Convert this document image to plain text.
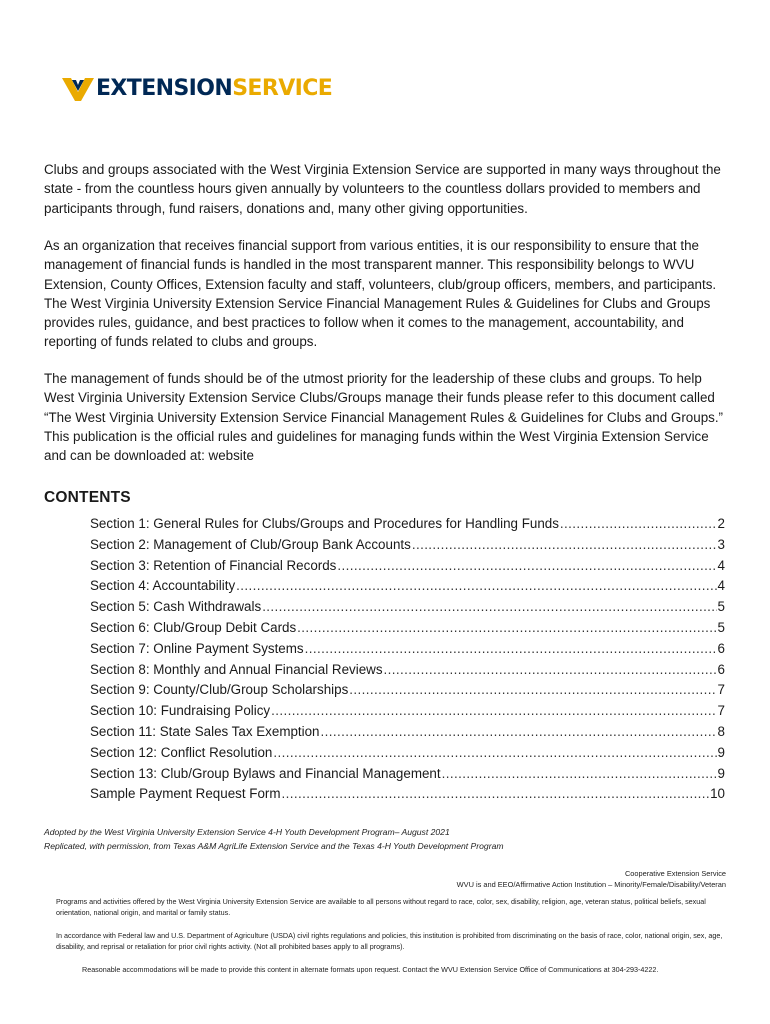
EXTENSIONSERVICE

Clubs and groups associated with the West Virginia Extension Service are supported in many ways throughout the state - from the countless hours given annually by volunteers to the countless dollars provided to members and participants through, fund raisers, donations and, many other giving opportunities.

As an organization that receives financial support from various entities, it is our responsibility to ensure that the management of financial funds is handled in the most transparent manner. This responsibility belongs to WVU Extension, County Offices, Extension faculty and staff, volunteers, club/group officers, members, and participants. The West Virginia University Extension Service Financial Management Rules & Guidelines for Clubs and Groups provides rules, guidance, and best practices to follow when it comes to the management, accountability, and reporting of funds related to clubs and groups.

The management of funds should be of the utmost priority for the leadership of these clubs and groups. To help West Virginia University Extension Service Clubs/Groups manage their funds please refer to this document called “The West Virginia University Extension Service Financial Management Rules & Guidelines for Clubs and Groups.” This publication is the official rules and guidelines for managing funds within the West Virginia Extension Service and can be downloaded at: website

CONTENTS
Section 1: General Rules for Clubs/Groups and Procedures for Handling Funds .....	2
Section 2: Management of Club/Group Bank Accounts .....	3
Section 3: Retention of Financial Records .....	4
Section 4: Accountability .....	4
Section 5: Cash Withdrawals .....	5
Section 6: Club/Group Debit Cards .....	5
Section 7: Online Payment Systems .....	6
Section 8: Monthly and Annual Financial Reviews .....	6
Section 9: County/Club/Group Scholarships .....	7
Section 10: Fundraising Policy .....	7
Section 11: State Sales Tax Exemption .....	8
Section 12: Conflict Resolution .....	9
Section 13: Club/Group Bylaws and Financial Management .....	9
Sample Payment Request Form .....	10

Adopted by the West Virginia University Extension Service 4-H Youth Development Program– August 2021

Replicated, with permission, from Texas A&M AgriLife Extension Service and the Texas 4-H Youth Development Program

Cooperative Extension Service

WVU is and EEO/Affirmative Action Institution – Minority/Female/Disability/Veteran

Programs and activities offered by the West Virginia University Extension Service are available to all persons without regard to race, color, sex, disability, religion, age, veteran status, political beliefs, sexual orientation, national origin, and marital or family status.

In accordance with Federal law and U.S. Department of Agriculture (USDA) civil rights regulations and policies, this institution is prohibited from discriminating on the basis of race, color, national origin, sex, age, disability, and reprisal or retaliation for prior civil rights activity. (Not all prohibited bases apply to all programs).

Reasonable accommodations will be made to provide this content in alternate formats upon request. Contact the WVU Extension Service Office of Communications at 304-293-4222.
